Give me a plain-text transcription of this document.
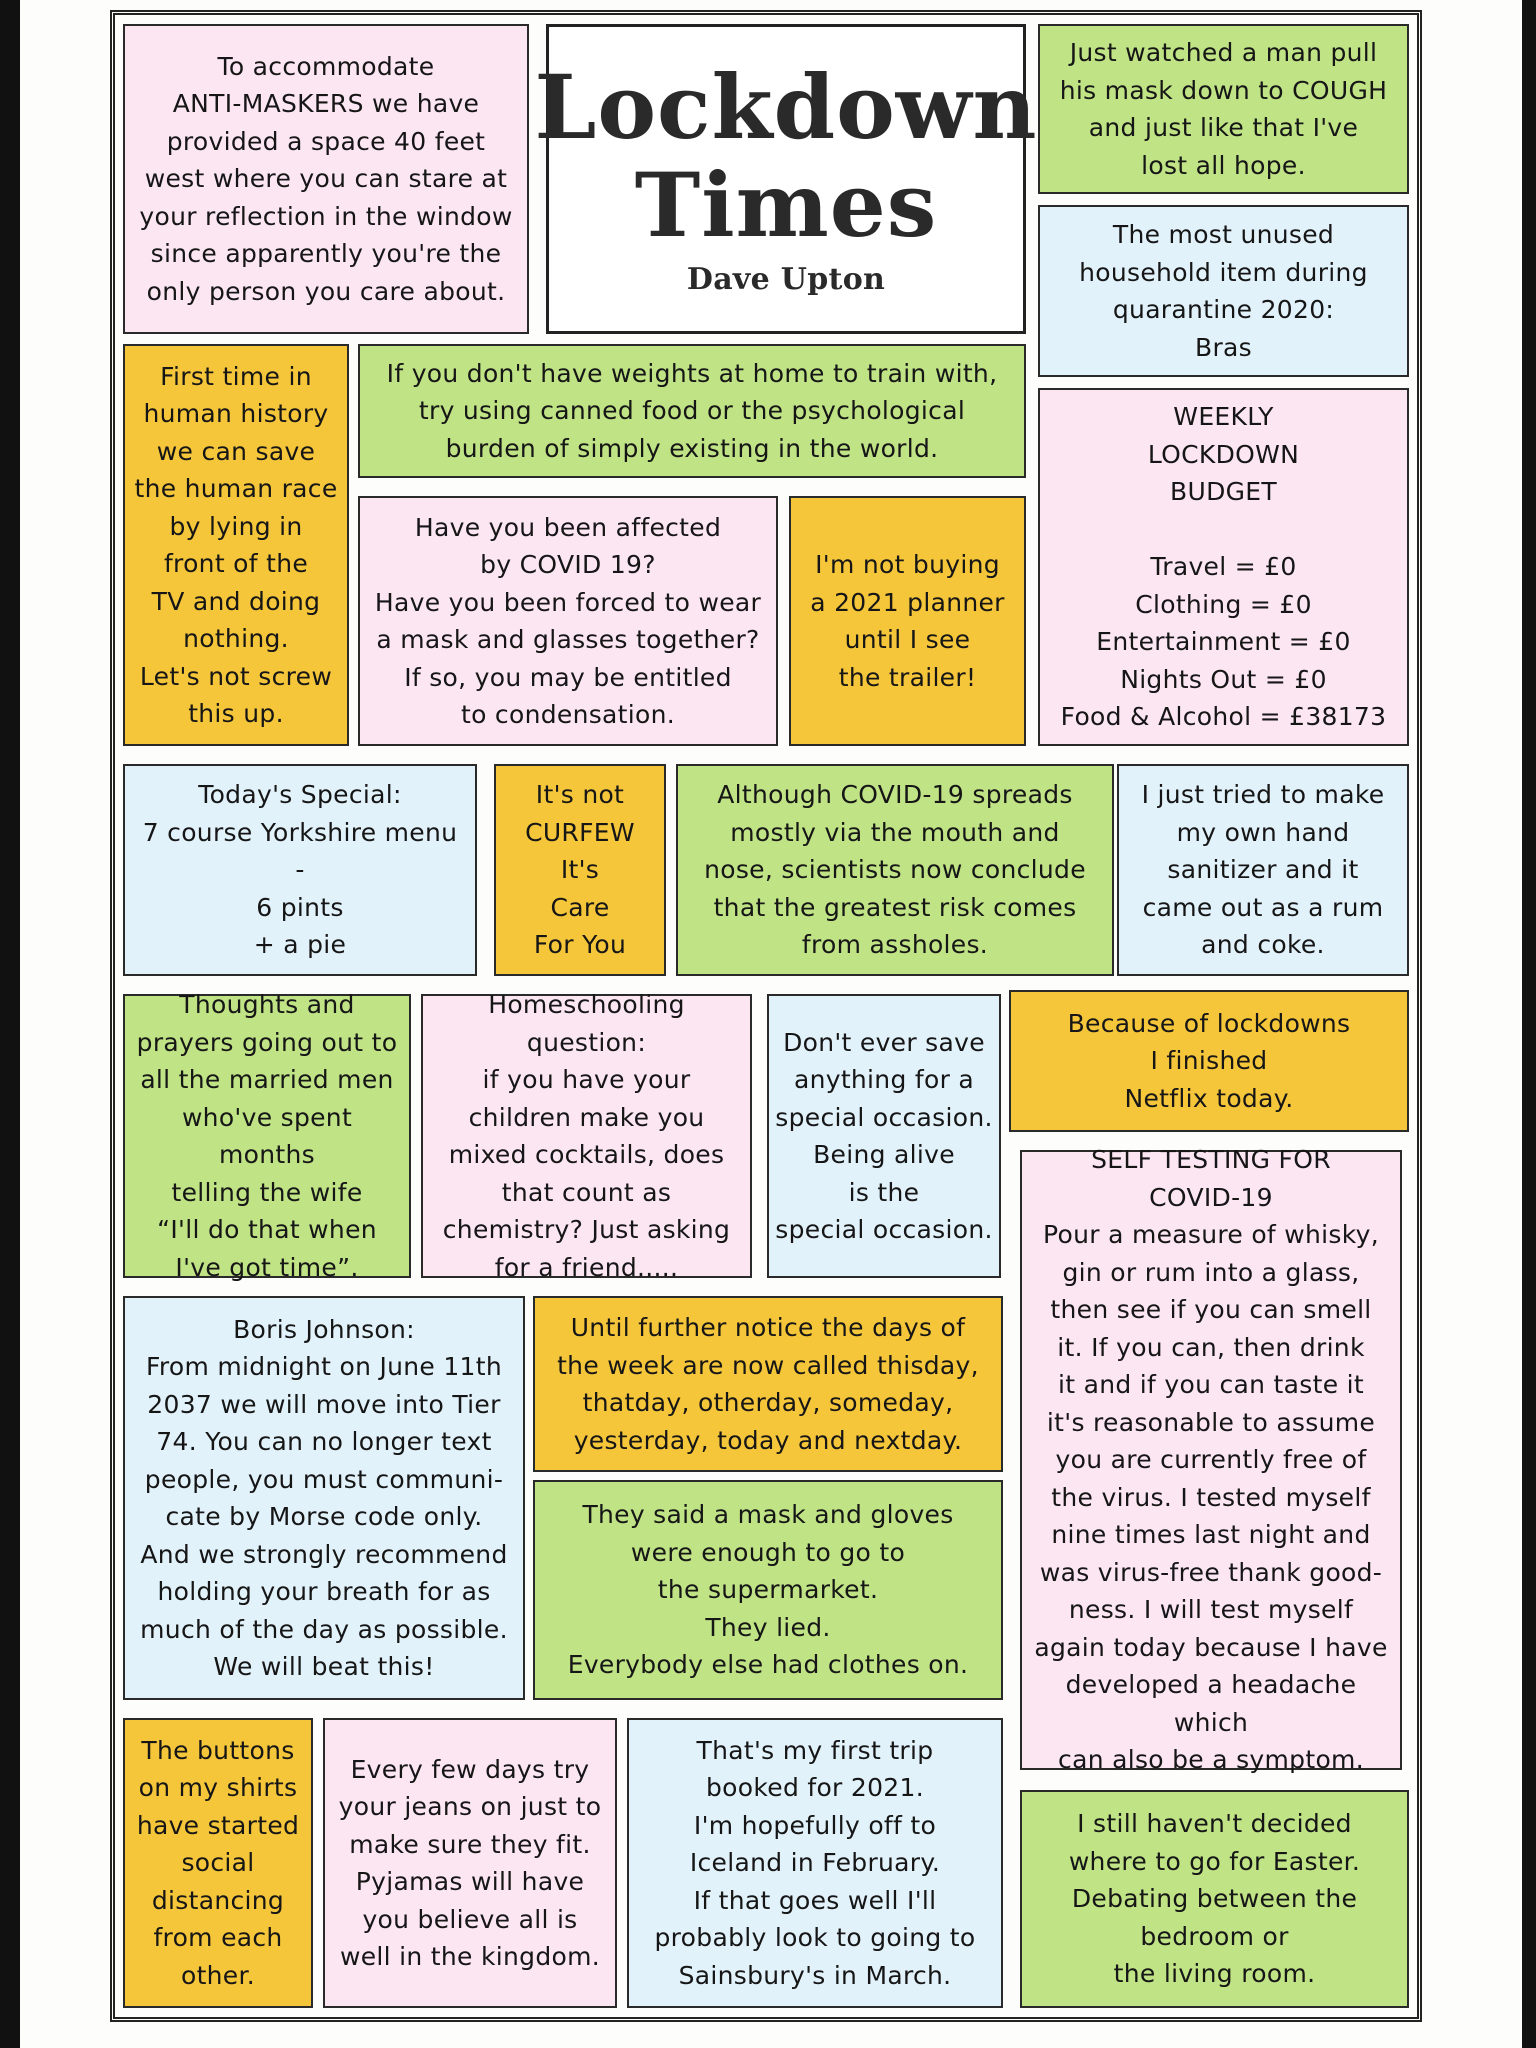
To accommodate
ANTI-MASKERS we have
provided a space 40 feet
west where you can stare at
your reflection in the window
since apparently you're the
only person you care about.
Lockdown
Times
Dave Upton
Just watched a man pull
his mask down to COUGH
and just like that I've
lost all hope.
The most unused
household item during
quarantine 2020:
Bras
First time in
human history
we can save
the human race
by lying in
front of the
TV and doing
nothing.
Let's not screw
this up.
If you don't have weights at home to train with,
try using canned food or the psychological
burden of simply existing in the world.
WEEKLY
LOCKDOWN
BUDGET

Travel = £0
Clothing = £0
Entertainment = £0
Nights Out = £0
Food & Alcohol = £38173
Have you been affected
by COVID 19?
Have you been forced to wear
a mask and glasses together?
If so, you may be entitled
to condensation.
I'm not buying
a 2021 planner
until I see
the trailer!
Today's Special:
7 course Yorkshire menu
-
6 pints
+ a pie
It's not
CURFEW
It's
Care
For You
Although COVID-19 spreads
mostly via the mouth and
nose, scientists now conclude
that the greatest risk comes
from assholes.
I just tried to make
my own hand
sanitizer and it
came out as a rum
and coke.
Thoughts and
prayers going out to
all the married men
who've spent months
telling the wife
“I'll do that when
I've got time”.
Homeschooling question:
if you have your
children make you
mixed cocktails, does
that count as
chemistry? Just asking
for a friend.....
Don't ever save
anything for a
special occasion.
Being alive
is the
special occasion.
Because of lockdowns
I finished
Netflix today.
SELF TESTING FOR
COVID-19
Pour a measure of whisky,
gin or rum into a glass,
then see if you can smell
it. If you can, then drink
it and if you can taste it
it's reasonable to assume
you are currently free of
the virus. I tested myself
nine times last night and
was virus-free thank good-
ness. I will test myself
again today because I have
developed a headache which
can also be a symptom.
Boris Johnson:
From midnight on June 11th
2037 we will move into Tier
74. You can no longer text
people, you must communi-
cate by Morse code only.
And we strongly recommend
holding your breath for as
much of the day as possible.
We will beat this!
Until further notice the days of
the week are now called thisday,
thatday, otherday, someday,
yesterday, today and nextday.
They said a mask and gloves
were enough to go to
the supermarket.
They lied.
Everybody else had clothes on.
The buttons
on my shirts
have started
social
distancing
from each
other.
Every few days try
your jeans on just to
make sure they fit.
Pyjamas will have
you believe all is
well in the kingdom.
That's my first trip
booked for 2021.
I'm hopefully off to
Iceland in February.
If that goes well I'll
probably look to going to
Sainsbury's in March.
I still haven't decided
where to go for Easter.
Debating between the
bedroom or
the living room.
